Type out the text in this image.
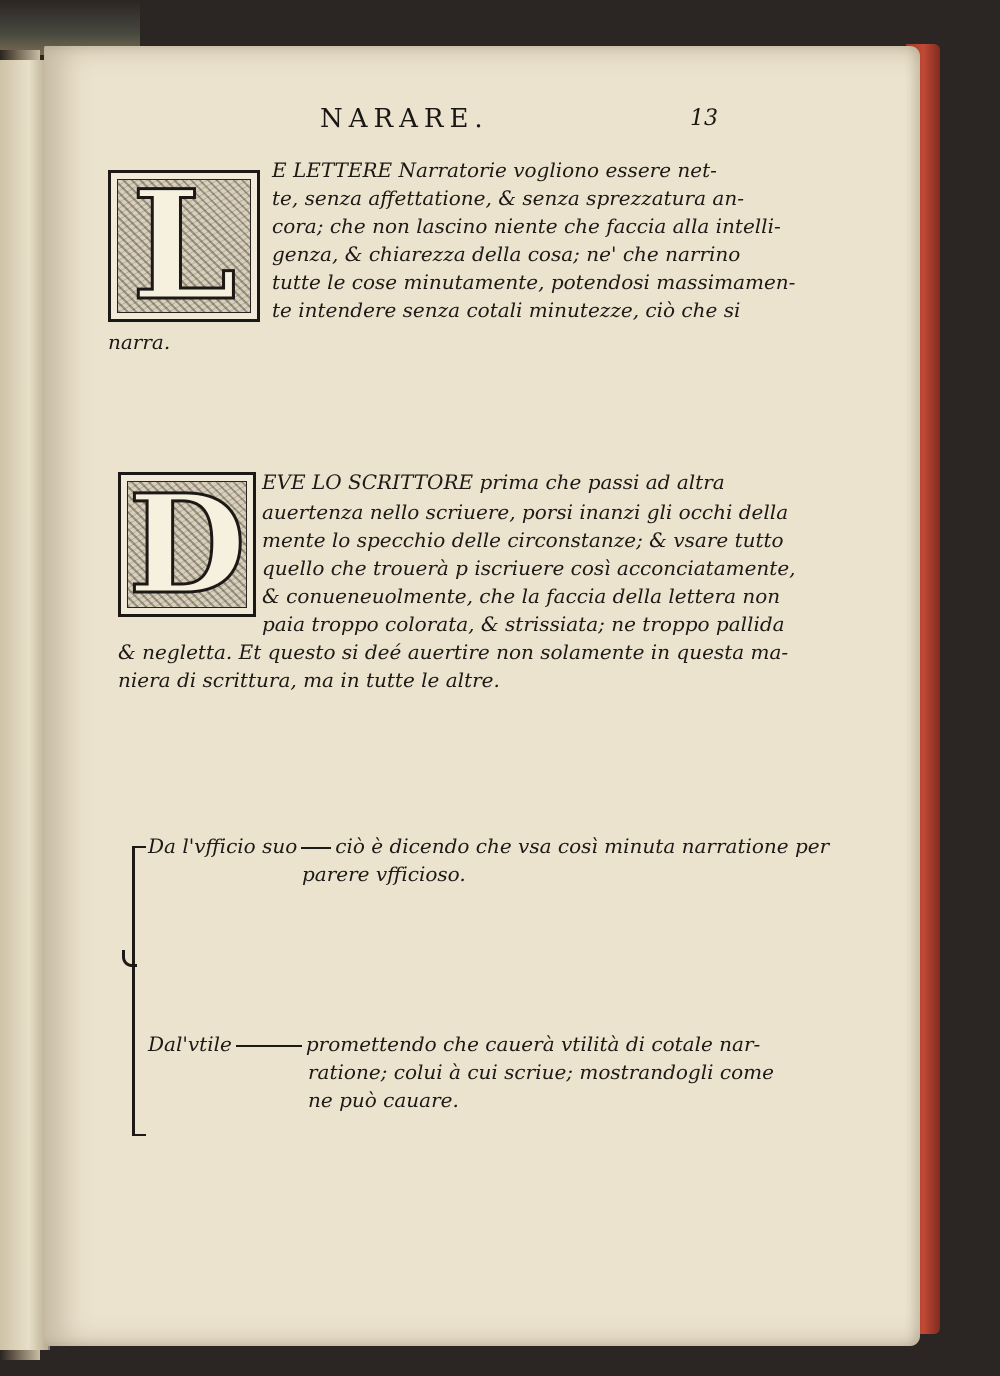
NARARE.	13
L	E LETTERE Narratorie vogliono essere net-
te, senza affettatione, & senza sprezzatura an-
cora; che non lascino niente che faccia alla intelli-
genza, & chiarezza della cosa; ne' che narrino
tutte le cose minutamente, potendosi massimamen-
te intendere senza cotali minutezze, ciò che si
narra.
D EVE LO SCRITTORE prima che passi ad altra
auertenza nello scriuere, porsi inanzi gli occhi della
mente lo specchio delle circonstanze; & vsare tutto
quello che trouerà p iscriuere così acconciatamente,
& conueneuolmente, che la faccia della lettera non
paia troppo colorata, & strissiata; ne troppo pallida
& negletta. Et questo si deé auertire non solamente in questa ma-
niera di scrittura, ma in tutte le altre.
Da l'vfficio suo ciò è dicendo che vsa così minuta narratione per
parere vfficioso.
Dal'vtile	promettendo che cauerà vtilità di cotale nar-
ratione; colui à cui scriue; mostrandogli come
ne può cauare.
